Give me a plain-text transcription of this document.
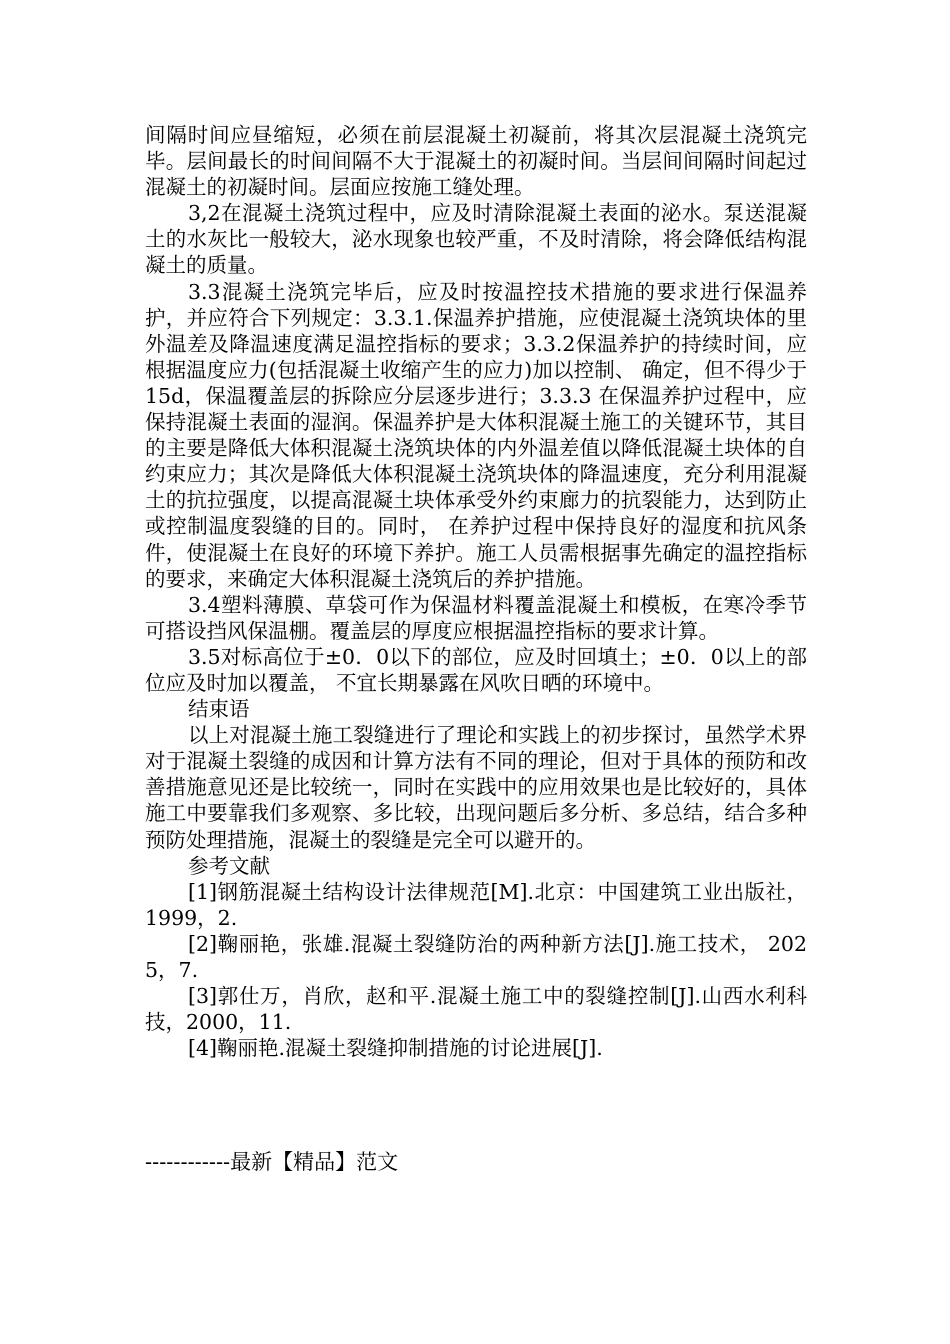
间隔时间应昼缩短，必须在前层混凝土初凝前，将其次层混凝土浇筑完毕。层间最长的时间间隔不大于混凝土的初凝时间。当层间间隔时间起过混凝土的初凝时间。层面应按施工缝处理。

3,2在混凝土浇筑过程中，应及时清除混凝土表面的泌水。泵送混凝土的水灰比一般较大，泌水现象也较严重，不及时清除，将会降低结构混凝土的质量。

3.3混凝土浇筑完毕后，应及时按温控技术措施的要求进行保温养护，并应符合下列规定：3.3.1.保温养护措施，应使混凝土浇筑块体的里外温差及降温速度满足温控指标的要求；3.3.2保温养护的持续时间，应根据温度应力(包括混凝土收缩产生的应力)加以控制、 确定，但不得少于15d，保温覆盖层的拆除应分层逐步进行；3.3.3 在保温养护过程中，应保持混凝土表面的湿润。保温养护是大体积混凝土施工的关键环节，其目的主要是降低大体积混凝土浇筑块体的内外温差值以降低混凝土块体的自约束应力；其次是降低大体积混凝土浇筑块体的降温速度，充分利用混凝土的抗拉强度，以提高混凝土块体承受外约束廊力的抗裂能力，达到防止或控制温度裂缝的目的。同时， 在养护过程中保持良好的湿度和抗风条件，使混凝土在良好的环境下养护。施工人员需根据事先确定的温控指标的要求，来确定大体积混凝土浇筑后的养护措施。

3.4塑料薄膜、草袋可作为保温材料覆盖混凝土和模板，在寒冷季节可搭设挡风保温棚。覆盖层的厚度应根据温控指标的要求计算。

3.5对标高位于±0．0以下的部位，应及时回填土；±0．0以上的部位应及时加以覆盖， 不宜长期暴露在风吹日晒的环境中。

结束语

以上对混凝土施工裂缝进行了理论和实践上的初步探讨，虽然学术界对于混凝土裂缝的成因和计算方法有不同的理论，但对于具体的预防和改善措施意见还是比较统一，同时在实践中的应用效果也是比较好的，具体施工中要靠我们多观察、多比较，出现问题后多分析、多总结，结合多种预防处理措施，混凝土的裂缝是完全可以避开的。

参考文献

[1]钢筋混凝土结构设计法律规范[M].北京：中国建筑工业出版社， 1999，2.

[2]鞠丽艳，张雄.混凝土裂缝防治的两种新方法[J].施工技术， 2025，7.

[3]郭仕万，肖欣，赵和平.混凝土施工中的裂缝控制[J].山西水利科技，2000，11.

[4]鞠丽艳.混凝土裂缝抑制措施的讨论进展[J].

------------最新【精品】范文
